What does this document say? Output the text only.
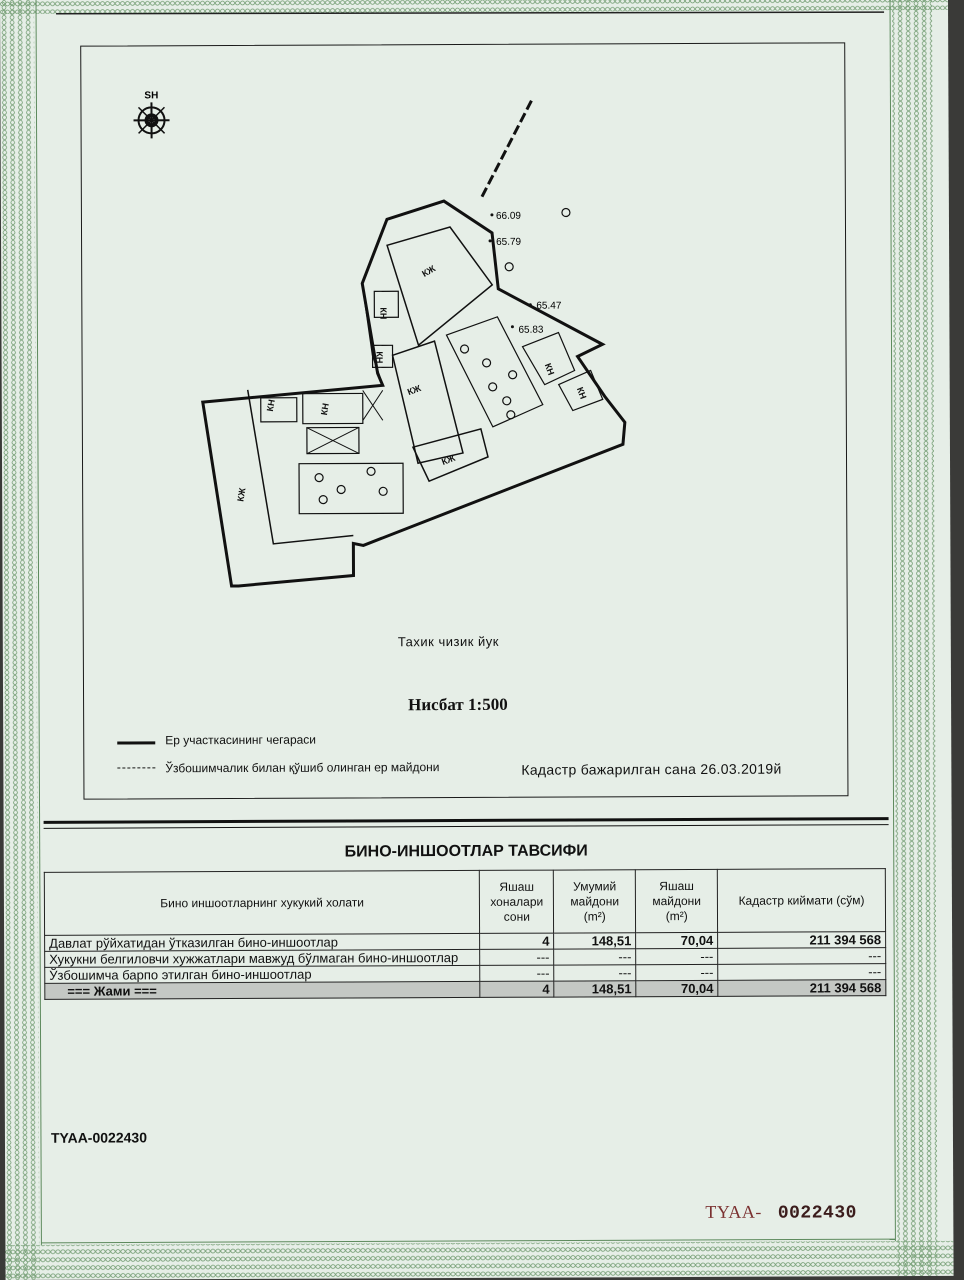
SH
66.09
65.79
65.47
65.83
КЖ
КЖ
КЖ
КЖ
КН
КН
КН	КН
КН
КН
Тахик чизик йук
Нисбат 1:500
Ер участкасининг чегараси
Ўзбошимчалик билан қўшиб олинган ер майдони	Кадастр бажарилган сана 26.03.2019й
БИНО-ИНШООТЛАР ТАВСИФИ
Бино иншоотларнинг хукукий холати	Яшаш хоналари сони	Умумий майдони (m²)	Яшаш майдони (m²)	Кадастр киймати (сўм)
Давлат рўйхатидан ўтказилган бино-иншоотлар	4	148,51	70,04	211 394 568
Хукукни белгиловчи хужжатлари мавжуд бўлмаган бино-иншоотлар	---	---	---	---
Ўзбошимча барпо этилган бино-иншоотлар	---	---	---	---
=== Жами ===	4	148,51	70,04	211 394 568
TYAA-0022430
TYAA- 0022430
